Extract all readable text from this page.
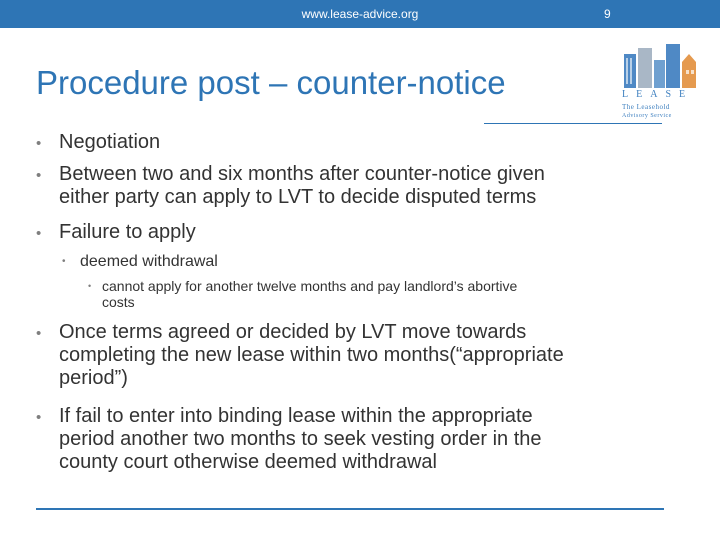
www.lease-advice.org	9
Procedure post – counter-notice	LEASE
The Leasehold
Advisory Service
• Negotiation
• Between two and six months after counter-notice given
either party can apply to LVT to decide disputed terms
• Failure to apply
• deemed withdrawal
• cannot apply for another twelve months and pay landlord’s abortive
costs
• Once terms agreed or decided by LVT move towards
completing the new lease within two months(“appropriate
period”)
• If fail to enter into binding lease within the appropriate
period another two months to seek vesting order in the
county court otherwise deemed withdrawal
